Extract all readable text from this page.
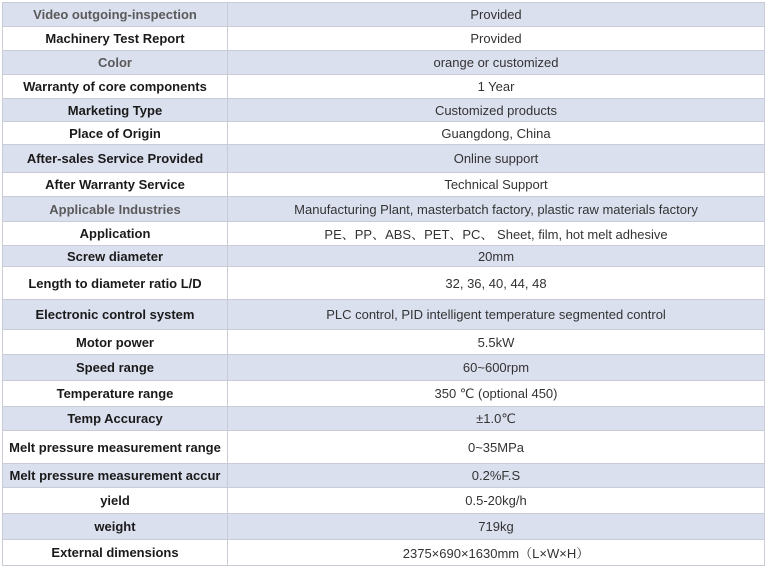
Video outgoing-inspection	Provided
Machinery Test Report	Provided
Color	orange or customized
Warranty of core components	1 Year
Marketing Type	Customized products
Place of Origin	Guangdong, China
After-sales Service Provided	Online support
After Warranty Service	Technical Support
Applicable Industries	Manufacturing Plant, masterbatch factory, plastic raw materials factory
Application	PE、PP、ABS、PET、PC、 Sheet, film, hot melt adhesive
Screw diameter	20mm
Length to diameter ratio L/D	32, 36, 40, 44, 48
Electronic control system	PLC control, PID intelligent temperature segmented control
Motor power	5.5kW
Speed range	60~600rpm
Temperature range	350 ℃ (optional 450)
Temp Accuracy	±1.0℃
Melt pressure measurement range	0~35MPa
Melt pressure measurement accur	0.2%F.S
yield	0.5-20kg/h
weight	719kg
External dimensions	2375×690×1630mm（L×W×H）
